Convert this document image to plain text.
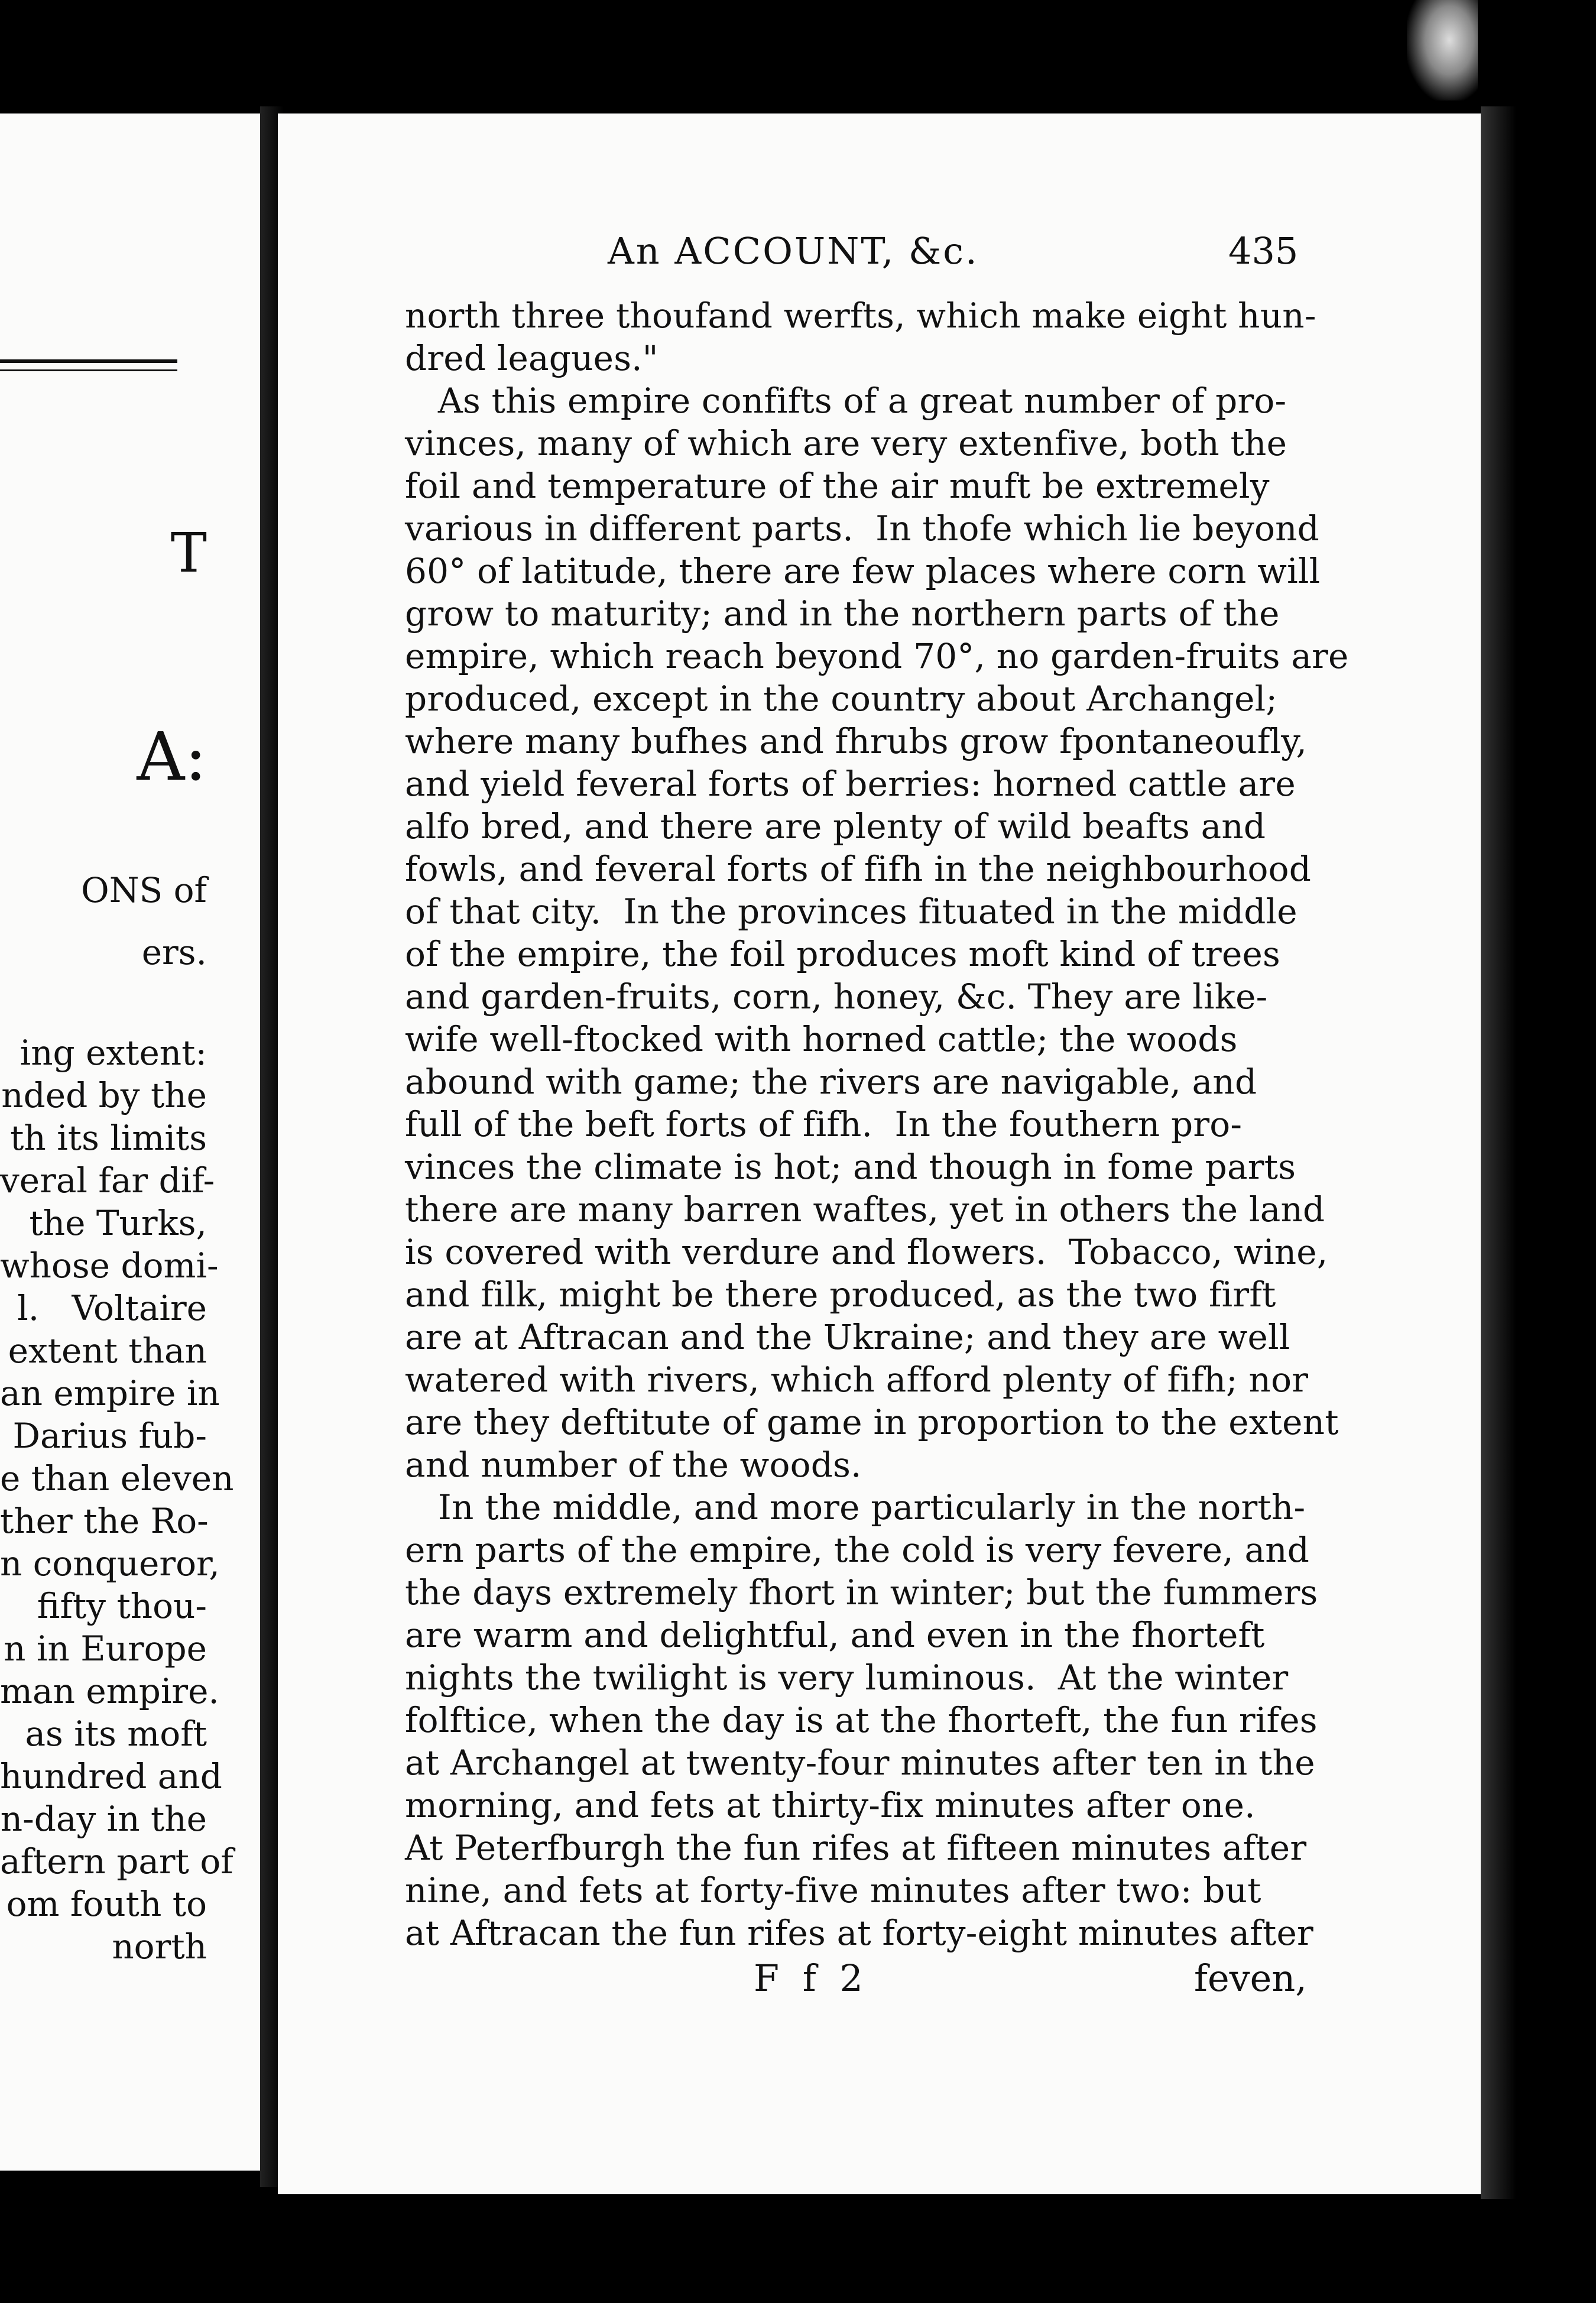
T
A:
ONS of
ers.
ing extent:
nded by the
th its limits
veral far dif-
the Turks,
whose domi-
l.   Voltaire
extent than
an empire in
Darius fub-
e than eleven
ther the Ro-
n conqueror,
fifty thou-
n in Europe
man empire.
as its moft
hundred and
n-day in the
aftern part of
om fouth to
north
An ACCOUNT, &c.	435
north three thoufand werfts, which make eight hun-
dred leagues."
As this empire confifts of a great number of pro-
vinces, many of which are very extenfive, both the
foil and temperature of the air muft be extremely
various in different parts.  In thofe which lie beyond
60° of latitude, there are few places where corn will
grow to maturity; and in the northern parts of the
empire, which reach beyond 70°, no garden-fruits are
produced, except in the country about Archangel;
where many bufhes and fhrubs grow fpontaneoufly,
and yield feveral forts of berries: horned cattle are
alfo bred, and there are plenty of wild beafts and
fowls, and feveral forts of fifh in the neighbourhood
of that city.  In the provinces fituated in the middle
of the empire, the foil produces moft kind of trees
and garden-fruits, corn, honey, &c. They are like-
wife well-ftocked with horned cattle; the woods
abound with game; the rivers are navigable, and
full of the beft forts of fifh.  In the fouthern pro-
vinces the climate is hot; and though in fome parts
there are many barren waftes, yet in others the land
is covered with verdure and flowers.  Tobacco, wine,
and filk, might be there produced, as the two firft
are at Aftracan and the Ukraine; and they are well
watered with rivers, which afford plenty of fifh; nor
are they deftitute of game in proportion to the extent
and number of the woods.
In the middle, and more particularly in the north-
ern parts of the empire, the cold is very fevere, and
the days extremely fhort in winter; but the fummers
are warm and delightful, and even in the fhorteft
nights the twilight is very luminous.  At the winter
folftice, when the day is at the fhorteft, the fun rifes
at Archangel at twenty-four minutes after ten in the
morning, and fets at thirty-fix minutes after one.
At Peterfburgh the fun rifes at fifteen minutes after
nine, and fets at forty-five minutes after two: but
at Aftracan the fun rifes at forty-eight minutes after
F f 2	feven,
